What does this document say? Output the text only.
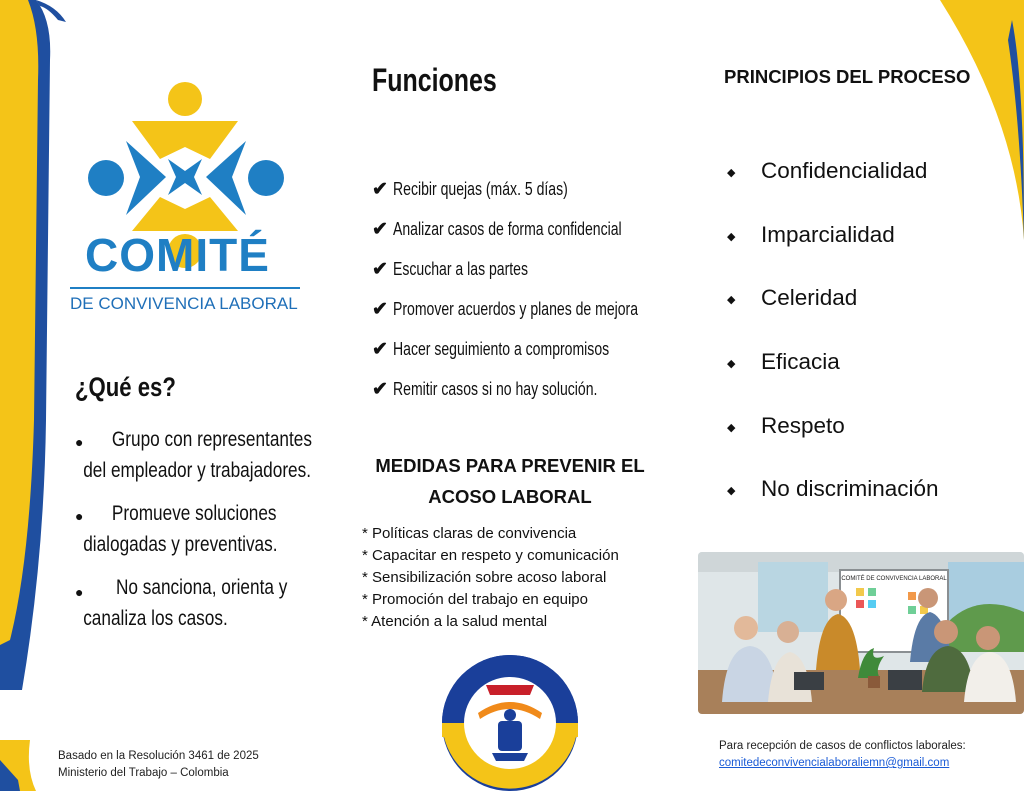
COMITÉ
DE CONVIVENCIA LABORAL
¿Qué es?
●	Grupo con representantes
del empleador y trabajadores.
●	Promueve soluciones
dialogadas y preventivas.
●	No sanciona, orienta y
canaliza los casos.
Basado en la Resolución 3461 de 2025
Ministerio del Trabajo – Colombia
Funciones
✔ Recibir quejas (máx. 5 días)
✔ Analizar casos de forma confidencial
✔ Escuchar a las partes
✔ Promover acuerdos y planes de mejora
✔ Hacer seguimiento a compromisos
✔ Remitir casos si no hay solución.
MEDIDAS PARA PREVENIR EL
ACOSO LABORAL
* Políticas claras de convivencia
* Capacitar en respeto y comunicación
* Sensibilización sobre acoso laboral
* Promoción del trabajo en equipo
* Atención a la salud mental
PRINCIPIOS DEL PROCESO
◆ Confidencialidad
◆ Imparcialidad
◆ Celeridad
◆ Eficacia
◆ Respeto
◆ No discriminación
COMITÉ DE CONVIVENCIA LABORAL
Para recepción de casos de conflictos laborales:
comitedeconvivencialaboraliemn@gmail.com
